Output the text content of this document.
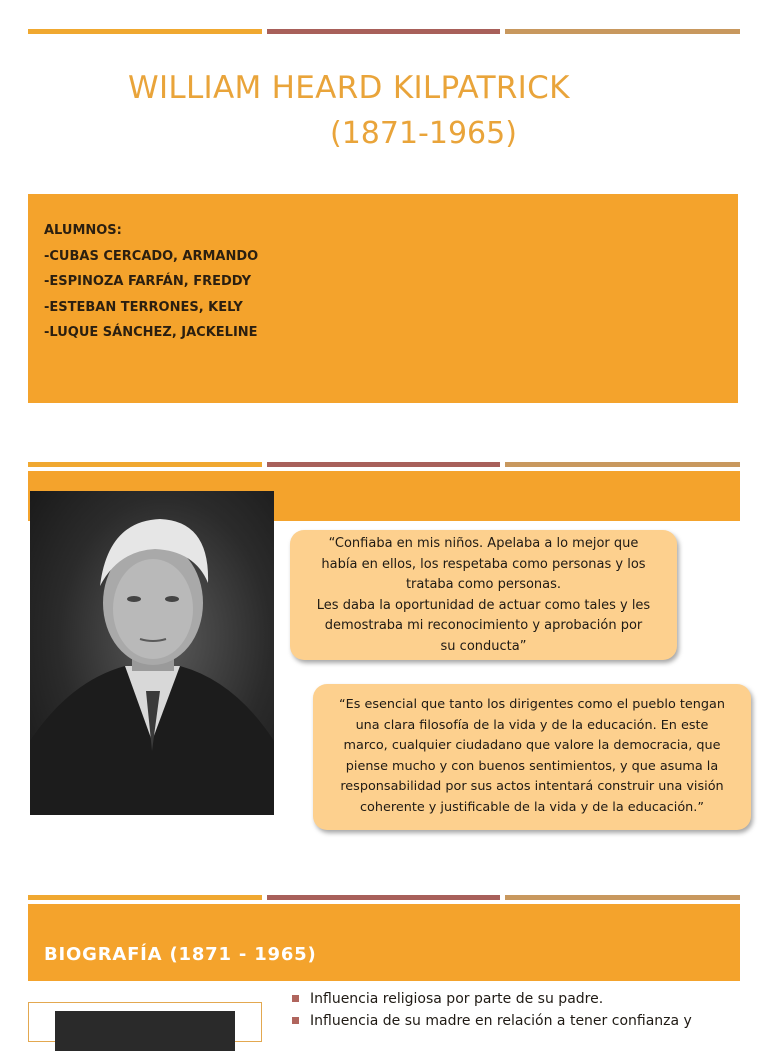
WILLIAM HEARD KILPATRICK
(1871-1965)
ALUMNOS:
-CUBAS CERCADO, ARMANDO
-ESPINOZA FARFÁN, FREDDY
-ESTEBAN TERRONES, KELY
-LUQUE SÁNCHEZ, JACKELINE
“Confiaba en mis niños. Apelaba a lo mejor que
había en ellos, los respetaba como personas y los
trataba como personas.
Les daba la oportunidad de actuar como tales y les
demostraba mi reconocimiento y aprobación por
su conducta”
“Es esencial que tanto los dirigentes como el pueblo tengan
una clara filosofía de la vida y de la educación. En este
marco, cualquier ciudadano que valore la democracia, que
piense mucho y con buenos sentimientos, y que asuma la
responsabilidad por sus actos intentará construir una visión
coherente y justificable de la vida y de la educación.”
BIOGRAFÍA (1871 - 1965)
Influencia religiosa por parte de su padre.
Influencia de su madre en relación a tener confianza y
